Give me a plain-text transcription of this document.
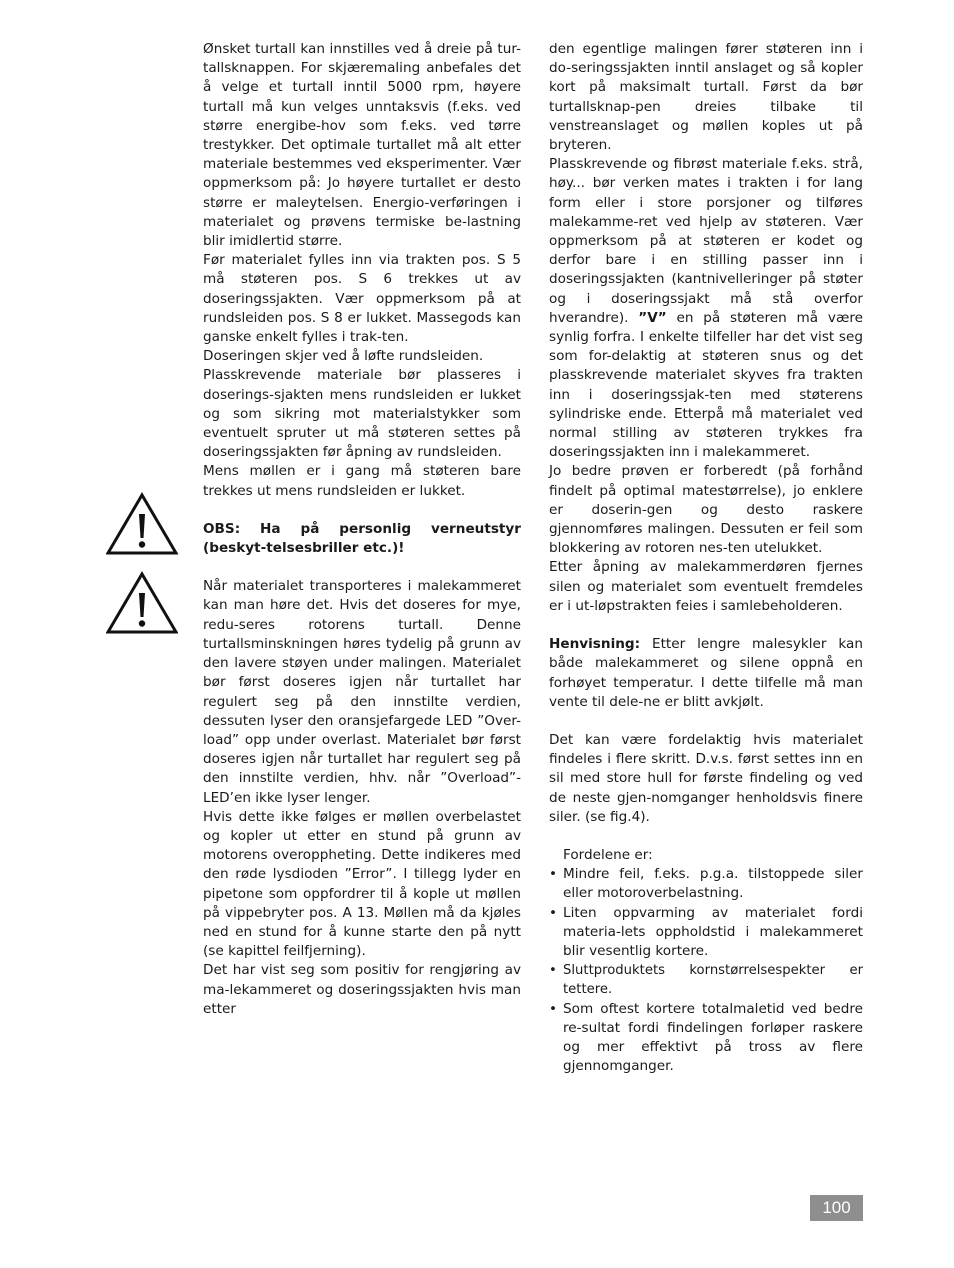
Ønsket turtall kan innstilles ved å dreie på tur-tallsknappen. For skjæremaling anbefales det å velge et turtall inntil 5000 rpm, høyere turtall må kun velges unntaksvis (f.eks. ved større energibe-hov som f.eks. ved tørre trestykker. Det optimale turtallet må alt etter materiale bestemmes ved eksperimenter. Vær oppmerksom på: Jo høyere turtallet er desto større er maleytelsen. Energio-verføringen i materialet og prøvens termiske be-lastning blir imidlertid større.

Før materialet fylles inn via trakten pos. S 5 må støteren pos. S 6 trekkes ut av doseringssjakten. Vær oppmerksom på at rundsleiden pos. S 8 er lukket. Massegods kan ganske enkelt fylles i trak-ten.

Doseringen skjer ved å løfte rundsleiden.

Plasskrevende materiale bør plasseres i doserings-sjakten mens rundsleiden er lukket og som sikring mot materialstykker som eventuelt spruter ut må støteren settes på doseringssjakten før åpning av rundsleiden.

Mens møllen er i gang må støteren bare trekkes ut mens rundsleiden er lukket.

OBS: Ha på personlig verneutstyr (beskyt-telsesbriller etc.)!

Når materialet transporteres i malekammeret kan man høre det. Hvis det doseres for mye, redu-seres rotorens turtall. Denne turtallsminskningen høres tydelig på grunn av den lavere støyen under malingen. Materialet bør først doseres igjen når turtallet har regulert seg på den innstilte verdien, dessuten lyser den oransjefargede LED ”Over-load” opp under overlast. Materialet bør først doseres igjen når turtallet har regulert seg på den innstilte verdien, hhv. når ”Overload”-LED’en ikke lyser lenger.

Hvis dette ikke følges er møllen overbelastet og kopler ut etter en stund på grunn av motorens overoppheting. Dette indikeres med den røde lysdioden ”Error”. I tillegg lyder en pipetone som oppfordrer til å kople ut møllen på vippebryter pos. A 13. Møllen må da kjøles ned en stund for å kunne starte den på nytt (se kapittel feilfjerning).

Det har vist seg som positiv for rengjøring av ma-lekammeret og doseringssjakten hvis man etter

den egentlige malingen fører støteren inn i do-seringssjakten inntil anslaget og så kopler kort på maksimalt turtall. Først da bør turtallsknap-pen dreies tilbake til venstreanslaget og møllen koples ut på bryteren.

Plasskrevende og fibrøst materiale f.eks. strå, høy... bør verken mates i trakten i for lang form eller i store porsjoner og tilføres malekamme-ret ved hjelp av støteren. Vær oppmerksom på at støteren er kodet og derfor bare i en stilling passer inn i doseringssjakten (kantnivelleringer på støter og i doseringssjakt må stå overfor hverandre). ”V” en på støteren må være synlig forfra. I enkelte tilfeller har det vist seg som for-delaktig at støteren snus og det plasskrevende materialet skyves fra trakten inn i doseringssjak-ten med støterens sylindriske ende. Etterpå må materialet ved normal stilling av støteren trykkes fra doseringssjakten inn i malekammeret.

Jo bedre prøven er forberedt (på forhånd findelt på optimal matestørrelse), jo enklere er doserin-gen og desto raskere gjennomføres malingen. Dessuten er feil som blokkering av rotoren nes-ten utelukket.

Etter åpning av malekammerdøren fjernes silen og materialet som eventuelt fremdeles er i ut-løpstrakten feies i samlebeholderen.

Henvisning: Etter lengre malesykler kan både malekammeret og silene oppnå en forhøyet temperatur. I dette tilfelle må man vente til dele-ne er blitt avkjølt.

Det kan være fordelaktig hvis materialet findeles i flere skritt. D.v.s. først settes inn en sil med store hull for første findeling og ved de neste gjen-nomganger henholdsvis finere siler. (se fig.4).

Fordelene er:

• Mindre feil, f.eks. p.g.a. tilstoppede siler eller motoroverbelastning.
• Liten oppvarming av materialet fordi materia-lets oppholdstid i malekammeret blir vesentlig kortere.
• Sluttproduktets kornstørrelsespekter er tettere.
• Som oftest kortere totalmaletid ved bedre re-sultat fordi findelingen forløper raskere og mer effektivt på tross av flere gjennomganger.
100
